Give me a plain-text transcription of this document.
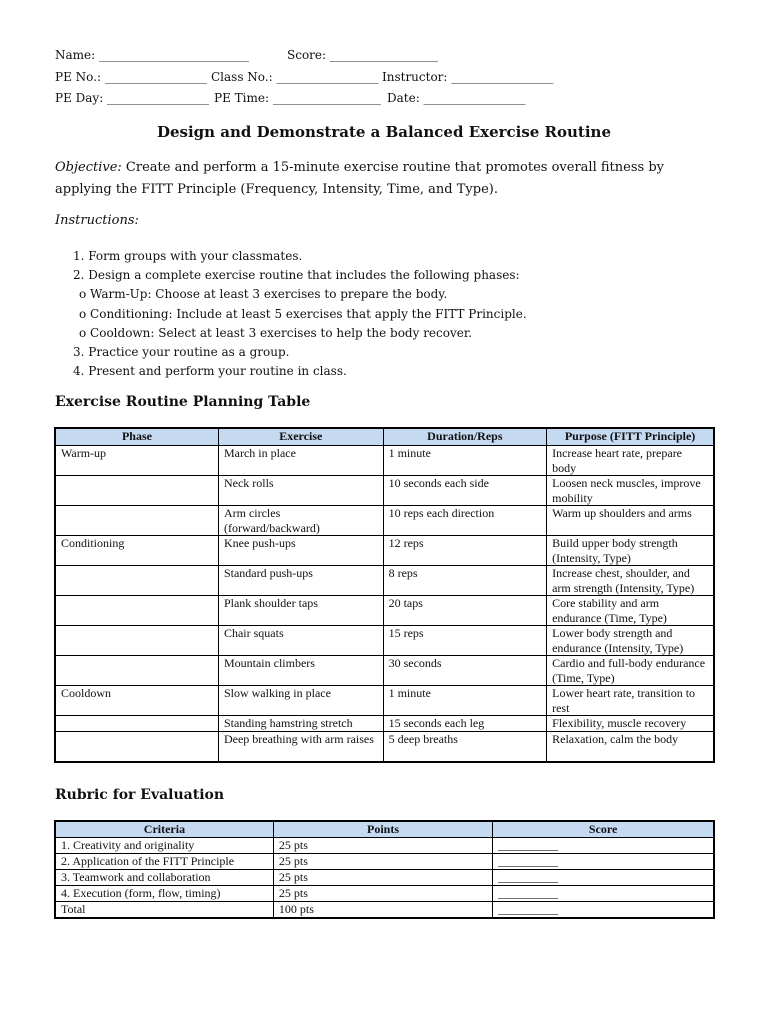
Name: _________________________	Score: __________________
PE No.: _________________ Class No.: _________________ Instructor: _________________
PE Day: _________________ PE Time: __________________ Date: _________________
Design and Demonstrate a Balanced Exercise Routine
Objective: Create and perform a 15-minute exercise routine that promotes overall fitness by applying the FITT Principle (Frequency, Intensity, Time, and Type).
Instructions:
1. Form groups with your classmates.
2. Design a complete exercise routine that includes the following phases:
o Warm-Up: Choose at least 3 exercises to prepare the body.
o Conditioning: Include at least 5 exercises that apply the FITT Principle.
o Cooldown: Select at least 3 exercises to help the body recover.
3. Practice your routine as a group.
4. Present and perform your routine in class.
Exercise Routine Planning Table
Phase	Exercise	Duration/Reps	Purpose (FITT Principle)
Warm-up	March in place	1 minute	Increase heart rate, prepare body
	Neck rolls	10 seconds each side	Loosen neck muscles, improve mobility
	Arm circles (forward/backward)	10 reps each direction	Warm up shoulders and arms
Conditioning	Knee push-ups	12 reps	Build upper body strength (Intensity, Type)
	Standard push-ups	8 reps	Increase chest, shoulder, and arm strength (Intensity, Type)
	Plank shoulder taps	20 taps	Core stability and arm endurance (Time, Type)
	Chair squats	15 reps	Lower body strength and endurance (Intensity, Type)
	Mountain climbers	30 seconds	Cardio and full-body endurance (Time, Type)
Cooldown	Slow walking in place	1 minute	Lower heart rate, transition to rest
	Standing hamstring stretch	15 seconds each leg	Flexibility, muscle recovery
	Deep breathing with arm raises	5 deep breaths	Relaxation, calm the body
Rubric for Evaluation
Criteria	Points	Score
1. Creativity and originality	25 pts	__________
2. Application of the FITT Principle	25 pts	__________
3. Teamwork and collaboration	25 pts	__________
4. Execution (form, flow, timing)	25 pts	__________
Total	100 pts	__________
